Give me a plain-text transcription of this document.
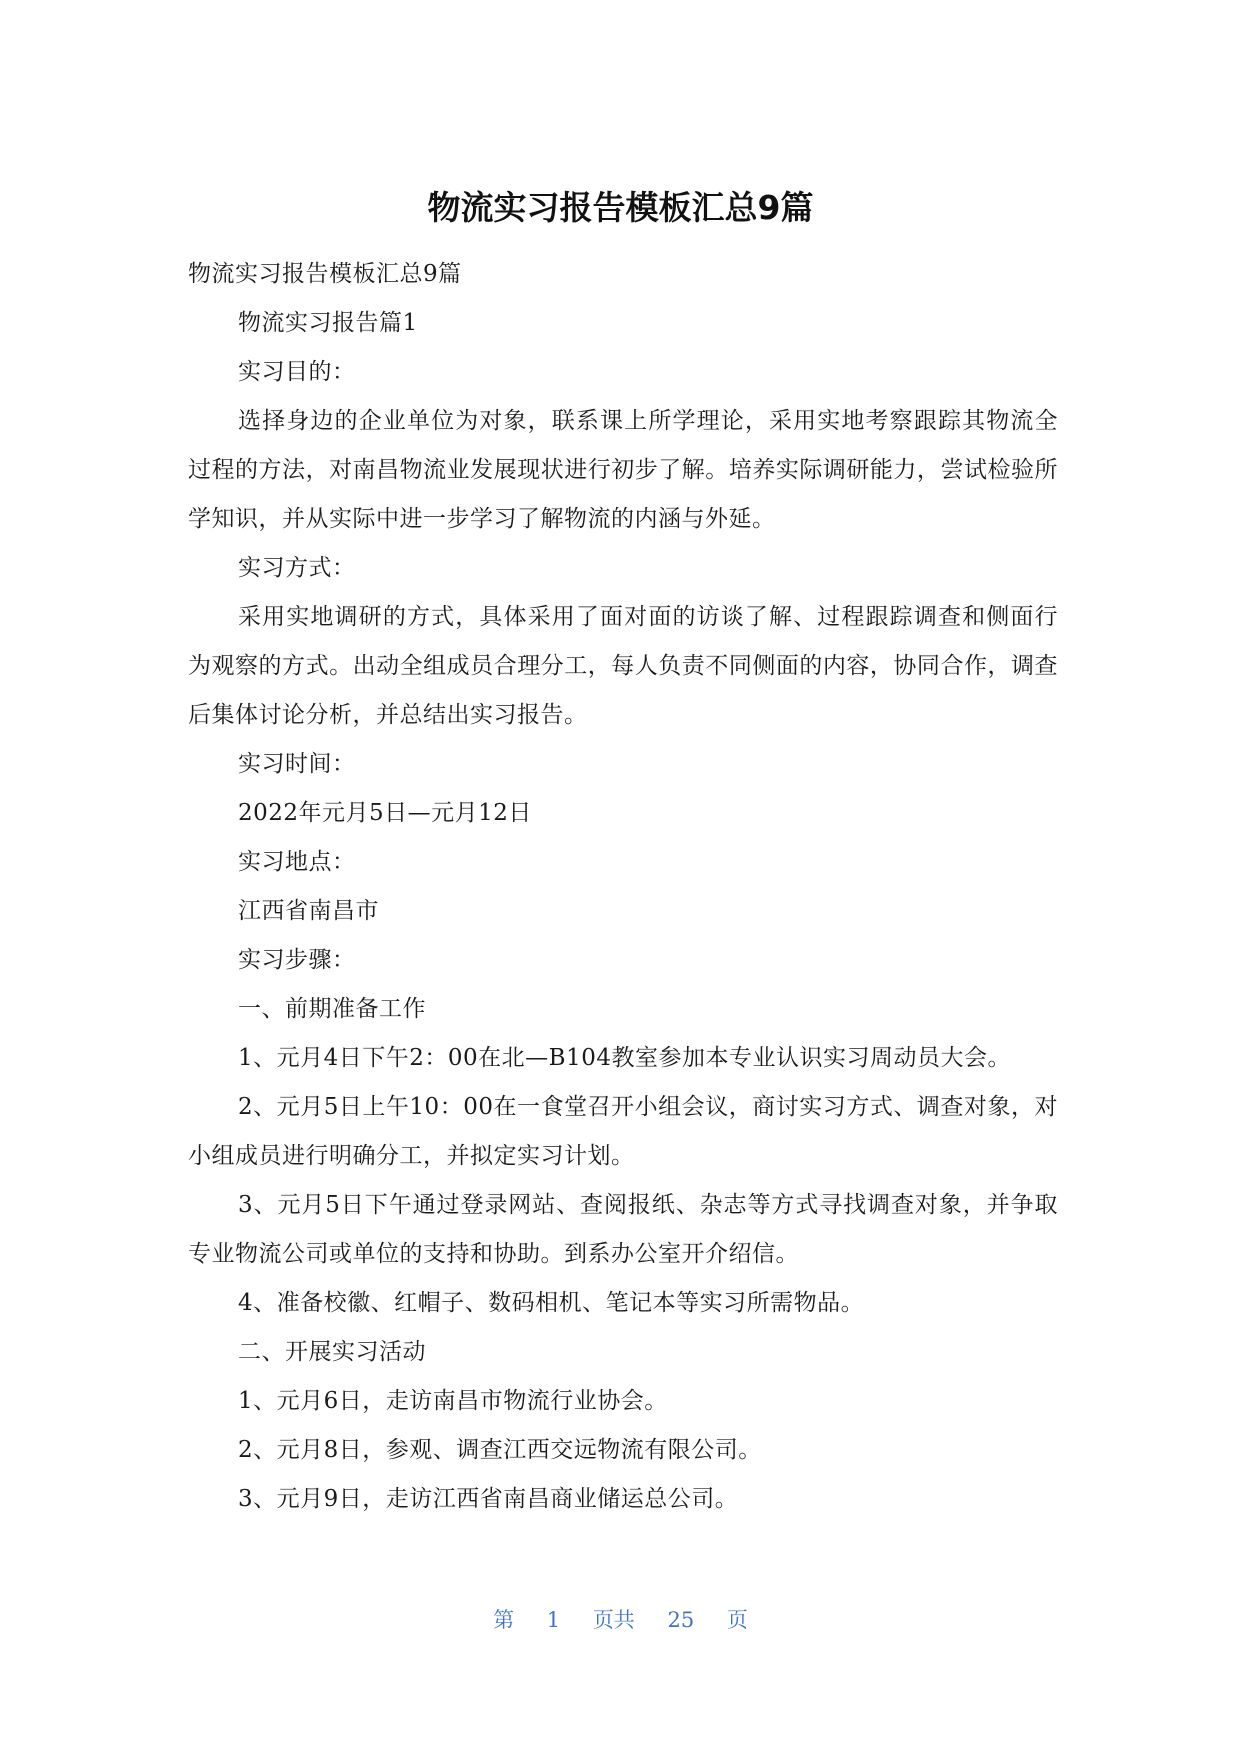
物流实习报告模板汇总9篇

物流实习报告模板汇总9篇

物流实习报告篇1

实习目的：

选择身边的企业单位为对象，联系课上所学理论，采用实地考察跟踪其物流全过程的方法，对南昌物流业发展现状进行初步了解。培养实际调研能力，尝试检验所学知识，并从实际中进一步学习了解物流的内涵与外延。

实习方式：

采用实地调研的方式，具体采用了面对面的访谈了解、过程跟踪调查和侧面行为观察的方式。出动全组成员合理分工，每人负责不同侧面的内容，协同合作，调查后集体讨论分析，并总结出实习报告。

实习时间：

2022年元月5日—元月12日

实习地点：

江西省南昌市

实习步骤：

一、前期准备工作

1、元月4日下午2：00在北—B104教室参加本专业认识实习周动员大会。

2、元月5日上午10：00在一食堂召开小组会议，商讨实习方式、调查对象，对小组成员进行明确分工，并拟定实习计划。

3、元月5日下午通过登录网站、查阅报纸、杂志等方式寻找调查对象，并争取专业物流公司或单位的支持和协助。到系办公室开介绍信。

4、准备校徽、红帽子、数码相机、笔记本等实习所需物品。

二、开展实习活动

1、元月6日，走访南昌市物流行业协会。

2、元月8日，参观、调查江西交远物流有限公司。

3、元月9日，走访江西省南昌商业储运总公司。

第 1 页共 25 页
